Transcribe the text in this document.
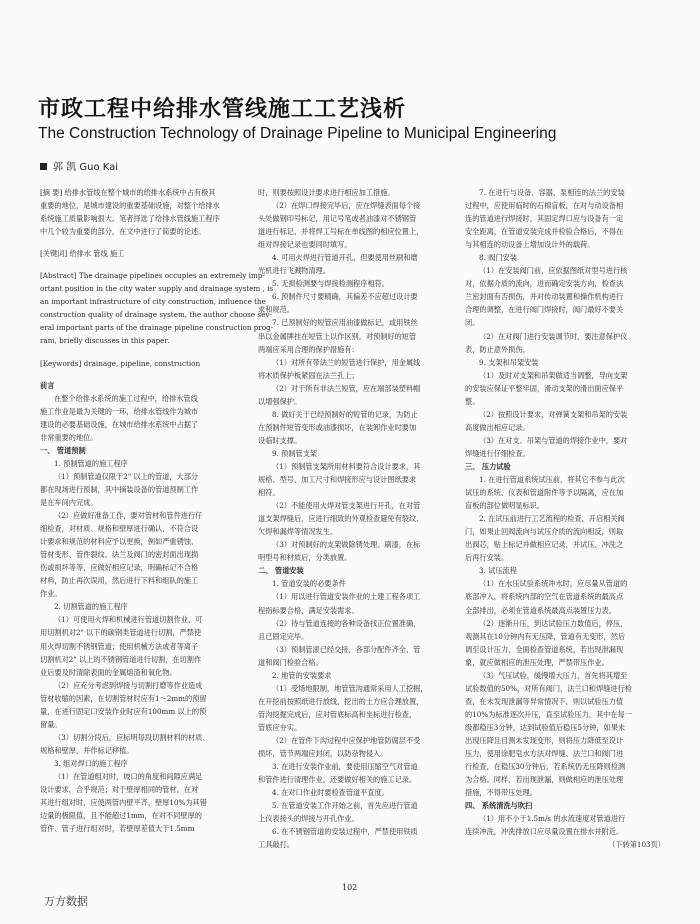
市政工程中给排水管线施工工艺浅析
The Construction Technology of Drainage Pipeline to Municipal Engineering
郭 凯 Guo Kai

[摘 要] 给排水管线在整个城市的给排水系统中占有极其

重要的地位，是城市建设的重要基础设施，对整个给排水

系统施工质量影响很大。笔者择选了给排水管线施工程序

中几个较为重要的部分，在文中进行了简要的论述。

[关键词] 给排水 管线 施工

[Abstract] The drainage pipelines occupies an extremely imp-

ortant position in the city water supply and drainage system , is

an important infrastructure of city construction, influence the

construction quality of drainage system, the author choose sev-

eral important parts of the drainage pipeline construction prog-

ram, briefly discusses in this paper.

[Keywords] drainage, pipeline, construction

前言

在整个给排水系统的施工过程中，给排水管线

施工作业是最为关键的一环，给排水管线作为城市

建设的必要基础设施，在城市给排水系统中占据了

非常重要的地位。

一、 管道预制

1. 预制管道的施工程序

（1）预制管道仅限于2" 以上的管道，大部分

都在现场进行预制，其中摘装设备的管道预制工作

是在车间内完成。

（2）应做好准备工作，要对管材和管件进行仔

细检查，对材质、规格和壁厚进行确认，不符合设

计要求和规范的材料应予以更换，例如严重锈蚀、

管材变形、管件裂纹、法兰及阀门的密封面出现损

伤或损坏等等，应做好相应记录，明确标记不合格

材料，防止再次误用，然后进行下料和组队的施工

作业。

2. 切割管道的施工程序

（1）可使用火焊和机械进行管道切割作业，可

用切割机对2" 以下的碳钢类管道进行切割，严禁使

用火焊切割不锈钢管道；使用机械方法或者等离子

切割机对2" 以上的不锈钢管道进行切割，在切割作

业后要及时清除表面的金属熔渣和氧化物。

（2）应充分考虑到焊接与切割打磨等作业造成

管材收缩的因素，在切割管材时应有1～2mm的预留

量，在进行固定口安装作业时应有100mm 以上的预

留量。

（3）切割分段后，应标明每段切割材料的材质、

规格和壁厚，并作标记移植。

3. 组对焊口的施工程序

（1）在管道组对时，坡口的角度和间隙应满足

设计要求，合乎规范；对于壁厚相同的管材，在对

其进行组对时，应使两管内壁平齐，壁厚10%为其错

边量的极限值，且不能超过1mm，在对不同壁厚的

管件、管子进行组对时，若壁厚差值大于1.5mm

时，则要按照设计要求进行相应加工措施。

（2）在焊口焊接完毕后，应在焊缝表面每个接

头处做钢印号标记，用记号笔或者油漆对不锈钢管

道进行标记，并将焊工号标在单线图的相应位置上，

组对焊接记录也要同时填写。

4. 可用火焊进行管道开孔，但要使用丝刷和磨

光机进行飞溅物清理。

5. 无损检测要与焊接检测程序相符。

6. 预制件尺寸要精确，其偏差不应超过设计要

求和规范。

7. 已预制好的短管应用油漆做标记，或用铁丝

串以金属牌挂在短管上以作区别。对预制好的短管

两端应采用合理的保护措施有：

（1）对所有带法兰的短管进行保护，用金属线

将木质保护板紧固在法兰孔上；

（2）对于所有非法兰短管，应在端部装塑料帽

以增强保护。

8. 做好关于已经预制好的短管的记录，为防止

在预制件短管变形或油漆损坏，在装卸作业时要加

设临时支撑。

9. 预制管支架

（1）预制管支架所用材料要符合设计要求，其

规格、型号、加工尺寸和焊接形应与设计图纸要求

相符。

（2）不能使用火焊对管支架进行开孔，在对管

道支架焊缝后，应进行细致的外观检查避免有裂纹、

欠焊和漏焊等情况发生。

（3）对预制好的支架做除锈处理、刷漆，在标

明型号和材质后，分类放置。

二、 管道安装

1. 管道安装的必要条件

（1）用以进行管道安装作业的土建工程各项工

程指标要合格，满足安装需求。

（2）待与管道连接的各种设备找正位置准确，

且已固定完毕。

（3）预制管滚已经交接，各部分配件齐全，管

道和阀门检验合格。

2. 地管的安装要求

（1）受场地限制，地管管沟通常采用人工挖掘，

在开挖前按照纸进行放线，挖出的土方应合理放置，

管沟挖掘完成后，应对管底标高和坐标进行检查，

管底应夯实。

（2）在管件下沟过程中应保护地管防腐层不受

损坏，管节两端应封闭，以防杂物侵入。

3. 在进行安装作业前，要使用压缩空气对管道

和管件进行清理作业，还要做好相关的施工记录。

4. 在对口作业时要检查管道平直度。

5. 在管道安装工作开始之前，首先应进行管道

上仪表接头的焊接与开孔作业。

6. 在不锈钢管道的安装过程中，严禁使用铁质

工具敲打。

7. 在进行与设备、容器、泵相连的法兰的安装

过程中，应使用临时的石棉盲板，在对与动设备相

连的管道进行焊接时，其固定焊口应与设备有一定

安全距离，在管道安装完成并检验合格后，不得在

与其相连的动设备上增加设计外的载荷。

8. 阀门安装

（1）在安装阀门前，应依据图纸对型号进行核

对，依据介质的流向，进而确定安装方向，检查法

兰密封面有否损伤，并对传动装置和操作机构进行

合理的调整，在进行阀门焊接时，阀门最好不要关

闭。

（2）在对阀门进行安装调节时，要注意保护仪

表，防止意外损伤。

9. 支架和吊架安装

（1）及时对支架和吊架做适当调整，导向支架

的安装应保证平整牢固，滑动支架的滑出面应保平

整。

（2）按照设计要求，对弹簧支架和吊架的安装

高度做出相应记录。

（3）在对支、吊架与管道的焊接作业中，要对

焊缝进行仔细检查。

三、 压力试验

1. 在进行管道系统试压前，将其它不参与此次

试压的系统、仪表和管道附件等予以隔离，应在加

盲板的部位做明显标识。

2. 在试压前进行工艺流程的检查，开启相关阀

门，如果止回阀流向与试压介质的流向相反，则取

出阀芯，贴上标记并做相应记录，并试压、冲洗之

后再行安装。

3. 试压流程

（1）在水压试验系统冲水时，应尽量从管道的

底部冲入，将系统内部的空气在管道系统的最高点

全部排出，必须在管道系统最高点装置压力表。

（2）逐渐升压，到达试验压力数值后，停压，

观测其在10分钟内有无压降，管道有无变形，然后

调至设计压力，全面检查管道系统，若出现泄漏现

象，就应做相应的泄压处理，严禁带压作业。

（3）气压试验，缓慢增大压力，首先将其增至

试验数值的50%，对所有阀门、法兰口和焊缝进行检

查，在未发现泄漏等异常情况下，则以试验压力值

的10%为标准逐次升压，直至试验压力，其中在每一

级都稳压3分钟，达到试验值后稳压5分钟，如果未

出现压降且目测未发现变形，则将压力降低至设计

压力，使用涂肥皂水方法对焊缝、法兰口和阀门进

行检查，在稳压30分钟后，若系统仍无压降则检测

为合格。同样，若出现泄漏，则做相应的泄压处理

措施，不得带压处理。

四、 系统清洗与吹扫

（1）用不小于1.5m/s 的水流速度对管道进行

连续冲洗，冲洗排放口应尽量设置在排水井附近。

（下转第103页）

102
万方数据
